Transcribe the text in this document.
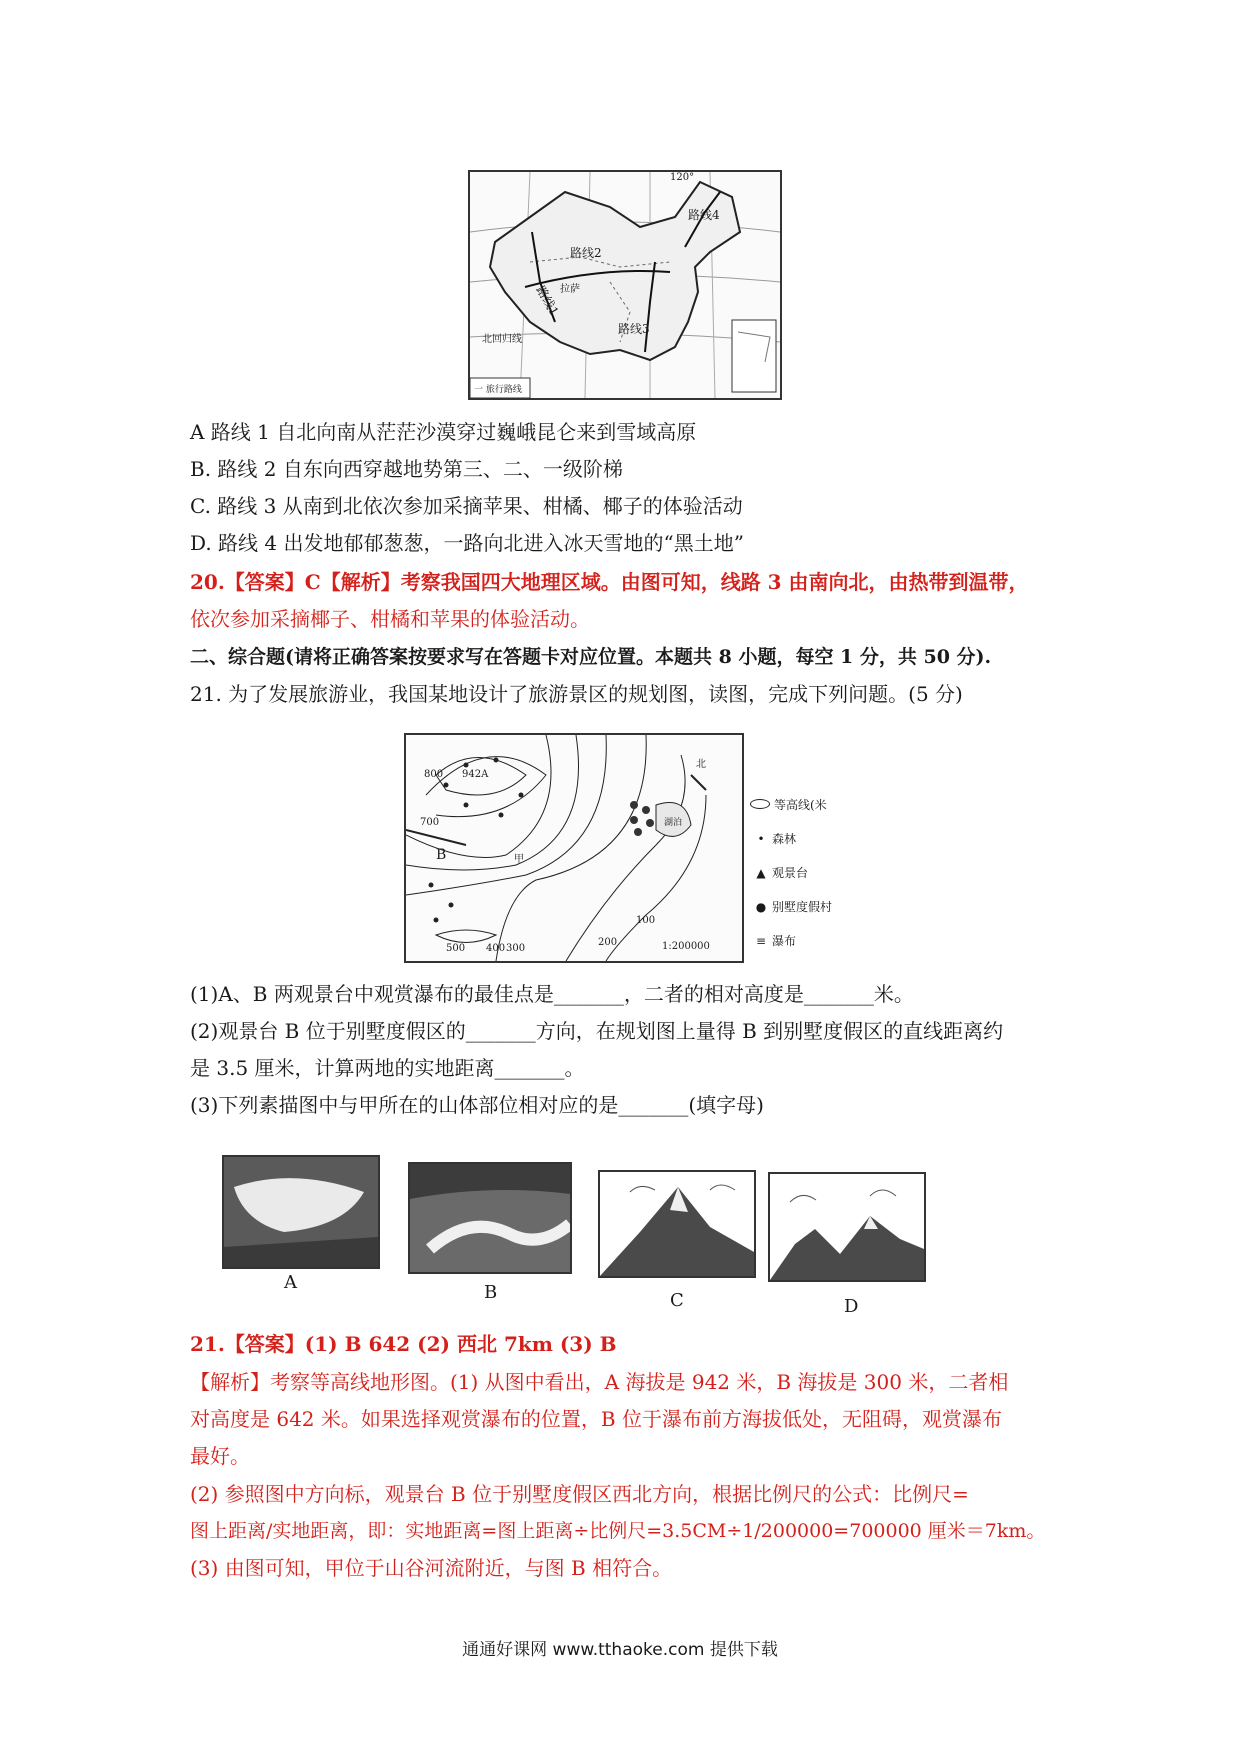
120°
路线1
路线2
路线3
路线4
拉萨
北回归线
一 旅行路线
A 路线 1 自北向南从茫茫沙漠穿过巍峨昆仑来到雪域高原
B. 路线 2 自东向西穿越地势第三、二、一级阶梯
C. 路线 3 从南到北依次参加采摘苹果、柑橘、椰子的体验活动
D. 路线 4 出发地郁郁葱葱，一路向北进入冰天雪地的“黑土地”
20.【答案】C【解析】考察我国四大地理区域。由图可知，线路 3 由南向北，由热带到温带，
依次参加采摘椰子、柑橘和苹果的体验活动。
二、综合题(请将正确答案按要求写在答题卡对应位置。本题共 8 小题，每空 1 分，共 50 分).
21. 为了发展旅游业，我国某地设计了旅游景区的规划图，读图，完成下列问题。(5 分)
北
800 942A
700
B	甲
湖泊
500 400 300
200
100
1:200000
等高线(米
• 森林
▲ 观景台
● 别墅度假村
≡ 瀑布
(1)A、B 两观景台中观赏瀑布的最佳点是_______，二者的相对高度是_______米。
(2)观景台 B 位于别墅度假区的_______方向，在规划图上量得 B 到别墅度假区的直线距离约
是 3.5 厘米，计算两地的实地距离_______。
(3)下列素描图中与甲所在的山体部位相对应的是_______(填字母)
A	B	C	D
21.【答案】(1) B 642 (2) 西北 7km (3) B
【解析】考察等高线地形图。(1) 从图中看出，A 海拔是 942 米，B 海拔是 300 米，二者相
对高度是 642 米。如果选择观赏瀑布的位置，B 位于瀑布前方海拔低处，无阻碍，观赏瀑布
最好。
(2) 参照图中方向标，观景台 B 位于别墅度假区西北方向，根据比例尺的公式：比例尺=
图上距离/实地距离，即：实地距离=图上距离÷比例尺=3.5CM÷1/200000=700000 厘米＝7km。
(3) 由图可知，甲位于山谷河流附近，与图 B 相符合。
通通好课网 www.tthaoke.com 提供下载
